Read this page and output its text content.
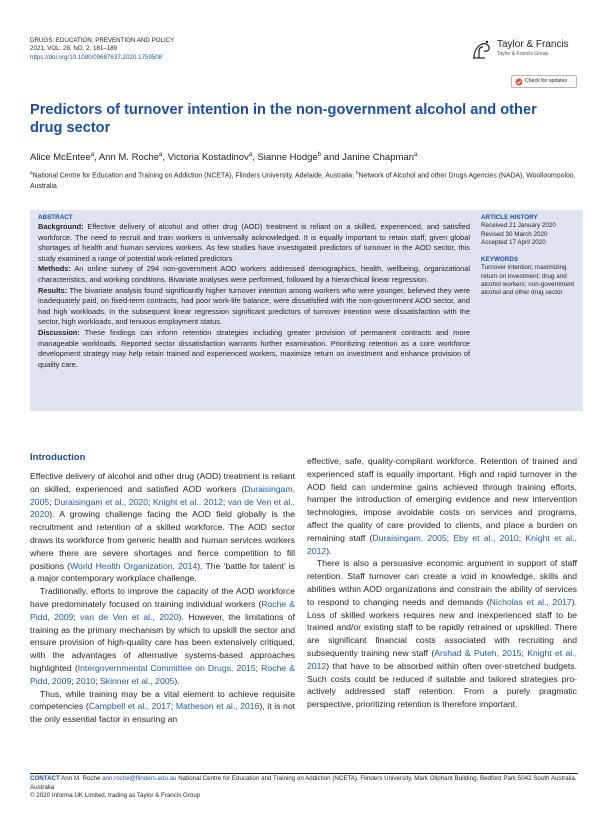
DRUGS: EDUCATION, PREVENTION AND POLICY
2021, VOL. 28, NO. 2, 181–189
https://doi.org/10.1080/09687637.2020.1759508
Taylor & Francis
Taylor & Francis Group
Check for updates
Predictors of turnover intention in the non-government alcohol and other drug sector
Alice McEntee$^a$, Ann M. Roche$^a$, Victoria Kostadinov$^a$, Sianne Hodge$^b$ and Janine Chapman$^a$
$^a$National Centre for Education and Training on Addiction (NCETA), Flinders University, Adelaide, Australia; $^b$Network of Alcohol and other Drugs Agencies (NADA), Woolloomooloo, Australia
ABSTRACT
Background: Effective delivery of alcohol and other drug (AOD) treatment is reliant on a skilled, experienced, and satisfied workforce. The need to recruit and train workers is universally acknowledged. It is equally important to retain staff, given global shortages of health and human services workers. As few studies have investigated predictors of turnover in the AOD sector, this study examined a range of potential work-related predictors.
Methods: An online survey of 294 non-government AOD workers addressed demographics, health, wellbeing, organizational characteristics, and working conditions. Bivariate analyses were performed, followed by a hierarchical linear regression.
Results: The bivariate analysis found significantly higher turnover intention among workers who were younger, believed they were inadequately paid, on fixed-term contracts, had poor work-life balance, were dissatisfied with the non-government AOD sector, and had high workloads. In the subsequent linear regression significant predictors of turnover intention were dissatisfaction with the sector, high workloads, and tenuous employment status.
Discussion: These findings can inform retention strategies including greater provision of permanent contracts and more manageable workloads. Reported sector dissatisfaction warrants further examination. Prioritizing retention as a core workforce development strategy may help retain trained and experienced workers, maximize return on investment and enhance provision of quality care.
ARTICLE HISTORY
Received 21 January 2020
Revised 30 March 2020
Accepted 17 April 2020
KEYWORDS
Turnover intention; maximizing return on investment; drug and alcohol workers; non-government alcohol and other drug sector
Introduction

Effective delivery of alcohol and other drug (AOD) treatment is reliant on skilled, experienced and satisfied AOD workers (Duraisingam, 2005; Duraisingam et al., 2020; Knight et al., 2012; van de Ven et al., 2020). A growing challenge facing the AOD field globally is the recruitment and retention of a skilled workforce. The AOD sector draws its workforce from generic health and human services workers where there are severe shortages and fierce competition to fill positions (World Health Organization, 2014). The ‘battle for talent’ is a major contemporary workplace challenge.

Traditionally, efforts to improve the capacity of the AOD workforce have predominately focused on training individual workers (Roche & Pidd, 2009; van de Ven et al., 2020). However, the limitations of training as the primary mechanism by which to upskill the sector and ensure provision of high-quality care has been extensively critiqued, with the advantages of alternative systems-based approaches highlighted (Intergovernmental Committee on Drugs, 2015; Roche & Pidd, 2009; 2010; Skinner et al., 2005).

Thus, while training may be a vital element to achieve requisite competencies (Campbell et al., 2017; Matheson et al., 2016), it is not the only essential factor in ensuring an

effective, safe, quality-compliant workforce. Retention of trained and experienced staff is equally important. High and rapid turnover in the AOD field can undermine gains achieved through training efforts, hamper the introduction of emerging evidence and new intervention technologies, impose avoidable costs on services and programs, affect the quality of care provided to clients, and place a burden on remaining staff (Duraisingam, 2005; Eby et al., 2010; Knight et al., 2012).

There is also a persuasive economic argument in support of staff retention. Staff turnover can create a void in knowledge, skills and abilities within AOD organizations and constrain the ability of services to respond to changing needs and demands (Nicholas et al., 2017). Loss of skilled workers requires new and inexperienced staff to be trained and/or existing staff to be rapidly retrained or upskilled. There are significant financial costs associated with recruiting and subsequently training new staff (Arshad & Puteh, 2015; Knight et al., 2012) that have to be absorbed within often over-stretched budgets. Such costs could be reduced if suitable and tailored strategies pro-actively addressed staff retention. From a purely pragmatic perspective, prioritizing retention is therefore important.

CONTACT Ann M. Roche ann.roche@flinders.edu.au National Centre for Education and Training on Addiction (NCETA), Flinders University, Mark Oliphant Building, Bedford Park 5042 South Australia, Australia
© 2020 Informa UK Limited, trading as Taylor & Francis Group
